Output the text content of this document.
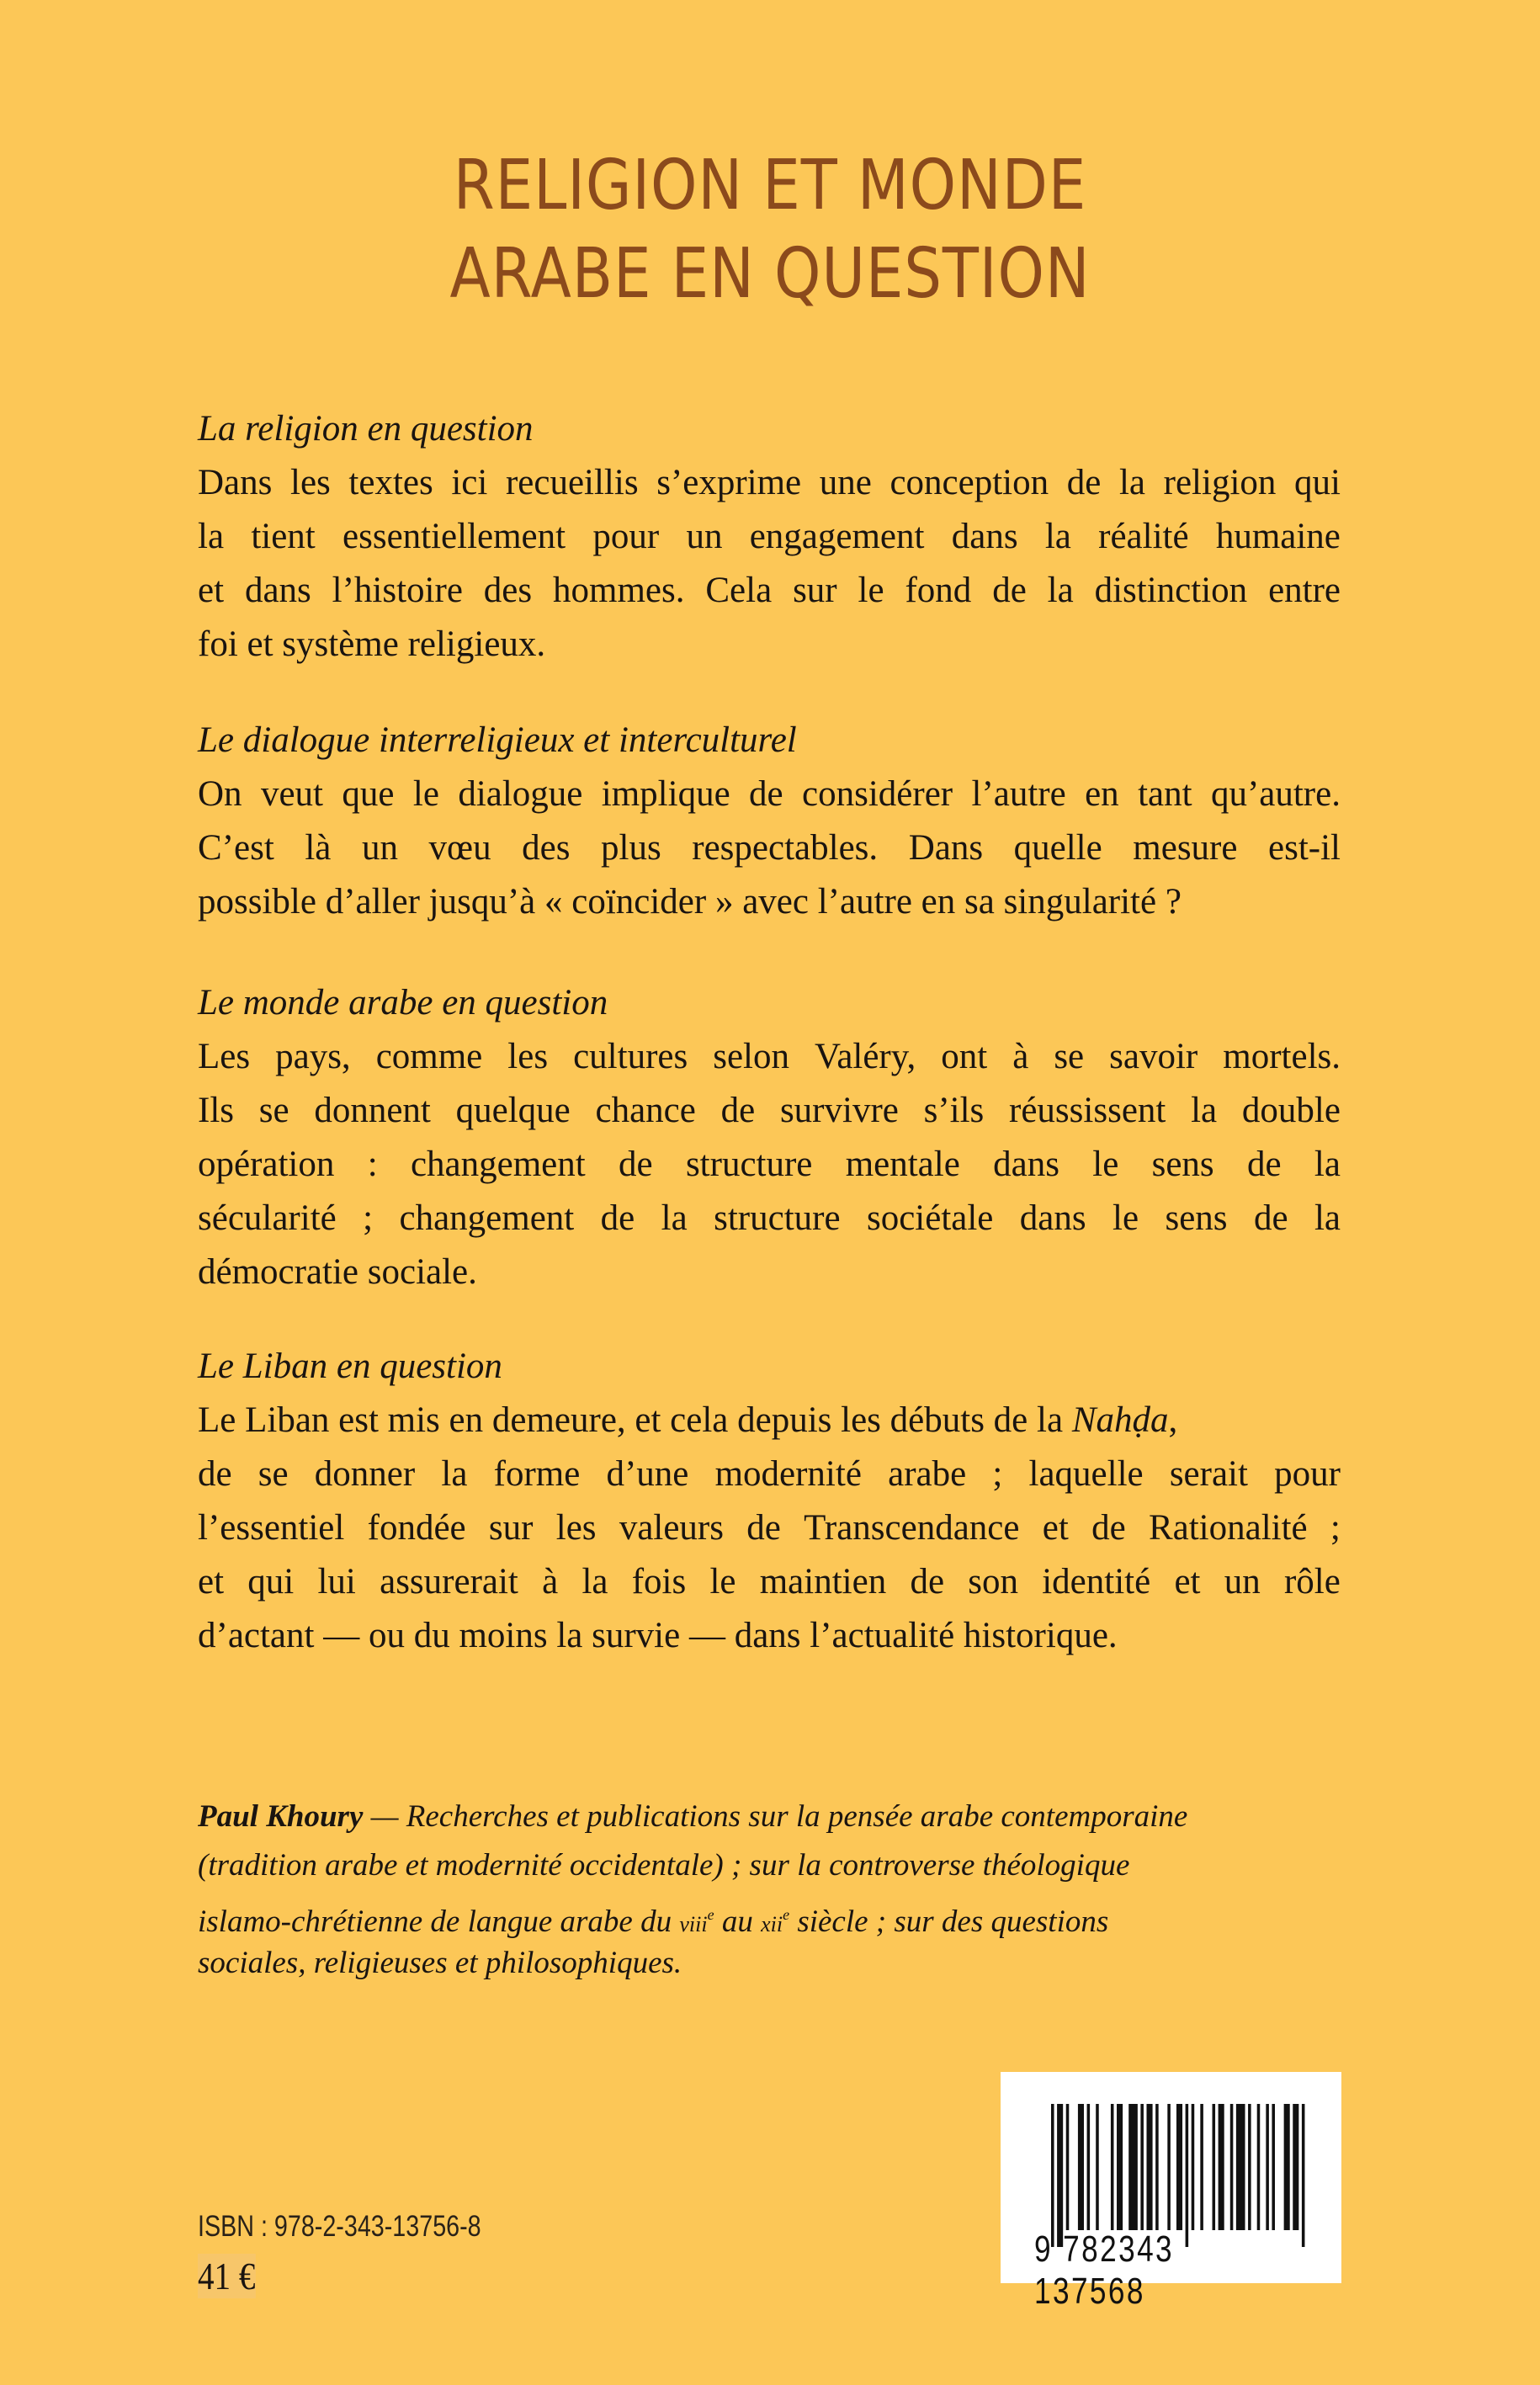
RELIGION ET MONDE
ARABE EN QUESTION
La religion en question
Dans les textes ici recueillis s’exprime une conception de la religion qui
la tient essentiellement pour un engagement dans la réalité humaine
et dans l’histoire des hommes. Cela sur le fond de la distinction entre
foi et système religieux.
Le dialogue interreligieux et interculturel
On veut que le dialogue implique de considérer l’autre en tant qu’autre.
C’est là un vœu des plus respectables. Dans quelle mesure est-il
possible d’aller jusqu’à « coïncider » avec l’autre en sa singularité ?
Le monde arabe en question
Les pays, comme les cultures selon Valéry, ont à se savoir mortels.
Ils se donnent quelque chance de survivre s’ils réussissent la double
opération : changement de structure mentale dans le sens de la
sécularité ; changement de la structure sociétale dans le sens de la
démocratie sociale.
Le Liban en question
Le Liban est mis en demeure, et cela depuis les débuts de la Nahḍa,
de se donner la forme d’une modernité arabe ; laquelle serait pour
l’essentiel fondée sur les valeurs de Transcendance et de Rationalité ;
et qui lui assurerait à la fois le maintien de son identité et un rôle
d’actant — ou du moins la survie — dans l’actualité historique.
Paul Khoury — Recherches et publications sur la pensée arabe contemporaine
(tradition arabe et modernité occidentale) ; sur la controverse théologique
islamo-chrétienne de langue arabe du viii$^e$ au xii$^e$ siècle ; sur des questions
sociales, religieuses et philosophiques.
ISBN : 978-2-343-13756-8
41 €
9 782343 137568
